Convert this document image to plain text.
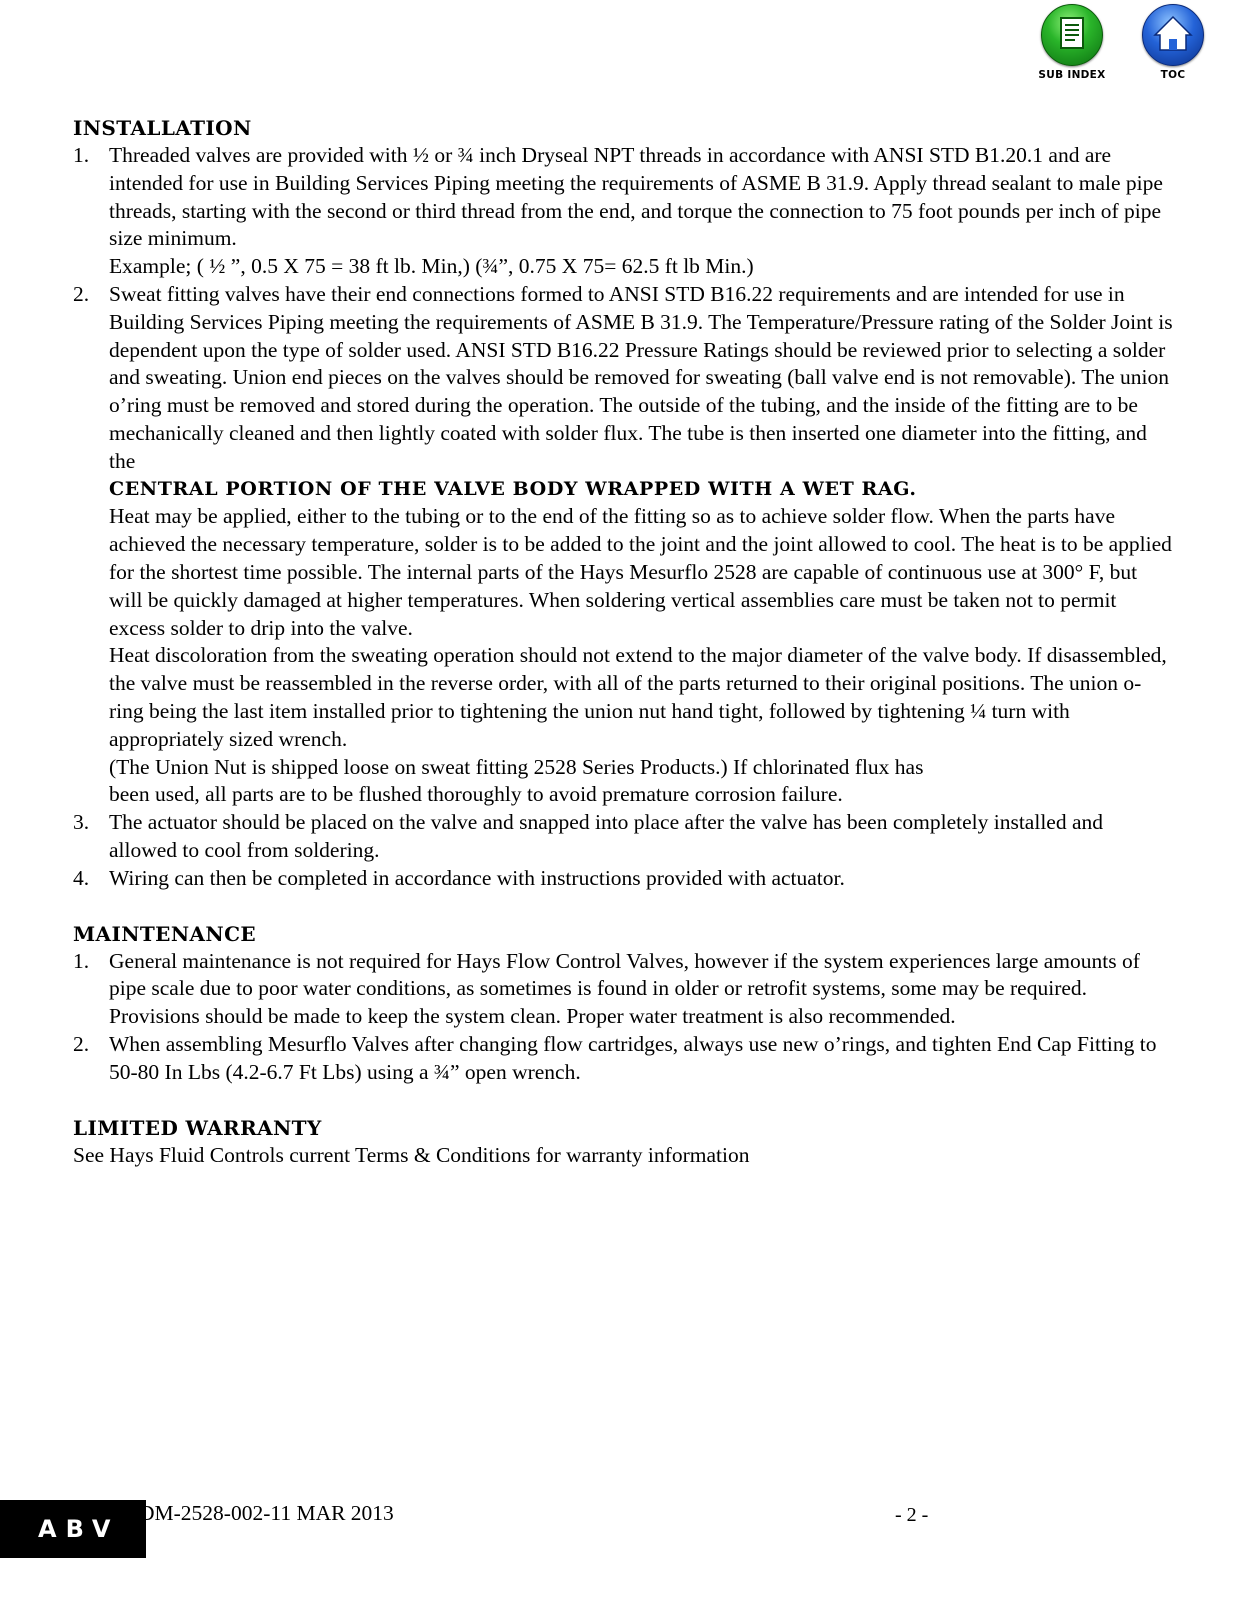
SUB INDEX	TOC
INSTALLATION
1. Threaded valves are provided with ½ or ¾ inch Dryseal NPT threads in accordance with ANSI STD B1.20.1 and are intended for use in Building Services Piping meeting the requirements of ASME B 31.9. Apply thread sealant to male pipe threads, starting with the second or third thread from the end, and torque the connection to 75 foot pounds per inch of pipe size minimum.
Example; ( ½ ”, 0.5 X 75 = 38 ft lb. Min,) (¾”, 0.75 X 75= 62.5 ft lb Min.)
2. Sweat fitting valves have their end connections formed to ANSI STD B16.22 requirements and are intended for use in Building Services Piping meeting the requirements of ASME B 31.9. The Temperature/Pressure rating of the Solder Joint is dependent upon the type of solder used. ANSI STD B16.22 Pressure Ratings should be reviewed prior to selecting a solder and sweating. Union end pieces on the valves should be removed for sweating (ball valve end is not removable). The union o’ring must be removed and stored during the operation. The outside of the tubing, and the inside of the fitting are to be mechanically cleaned and then lightly coated with solder flux. The tube is then inserted one diameter into the fitting, and the
CENTRAL PORTION OF THE VALVE BODY WRAPPED WITH A WET RAG.
Heat may be applied, either to the tubing or to the end of the fitting so as to achieve solder flow. When the parts have achieved the necessary temperature, solder is to be added to the joint and the joint allowed to cool. The heat is to be applied for the shortest time possible. The internal parts of the Hays Mesurflo 2528 are capable of continuous use at 300° F, but will be quickly damaged at higher temperatures. When soldering vertical assemblies care must be taken not to permit excess solder to drip into the valve.
Heat discoloration from the sweating operation should not extend to the major diameter of the valve body. If disassembled, the valve must be reassembled in the reverse order, with all of the parts returned to their original positions. The union o-ring being the last item installed prior to tightening the union nut hand tight, followed by tightening ¼ turn with appropriately sized wrench.
(The Union Nut is shipped loose on sweat fitting 2528 Series Products.) If chlorinated flux has
been used, all parts are to be flushed thoroughly to avoid premature corrosion failure.
3. The actuator should be placed on the valve and snapped into place after the valve has been completely installed and allowed to cool from soldering.
4. Wiring can then be completed in accordance with instructions provided with actuator.
MAINTENANCE
1. General maintenance is not required for Hays Flow Control Valves, however if the system experiences large amounts of pipe scale due to poor water conditions, as sometimes is found in older or retrofit systems, some may be required. Provisions should be made to keep the system clean. Proper water treatment is also recommended.
2. When assembling Mesurflo Valves after changing flow cartridges, always use new o’rings, and tighten End Cap Fitting to 50-80 In Lbs (4.2-6.7 Ft Lbs) using a ¾” open wrench.
LIMITED WARRANTY
See Hays Fluid Controls current Terms & Conditions for warranty information
ABV
DM-2528-002-11 MAR 2013	- 2 -
